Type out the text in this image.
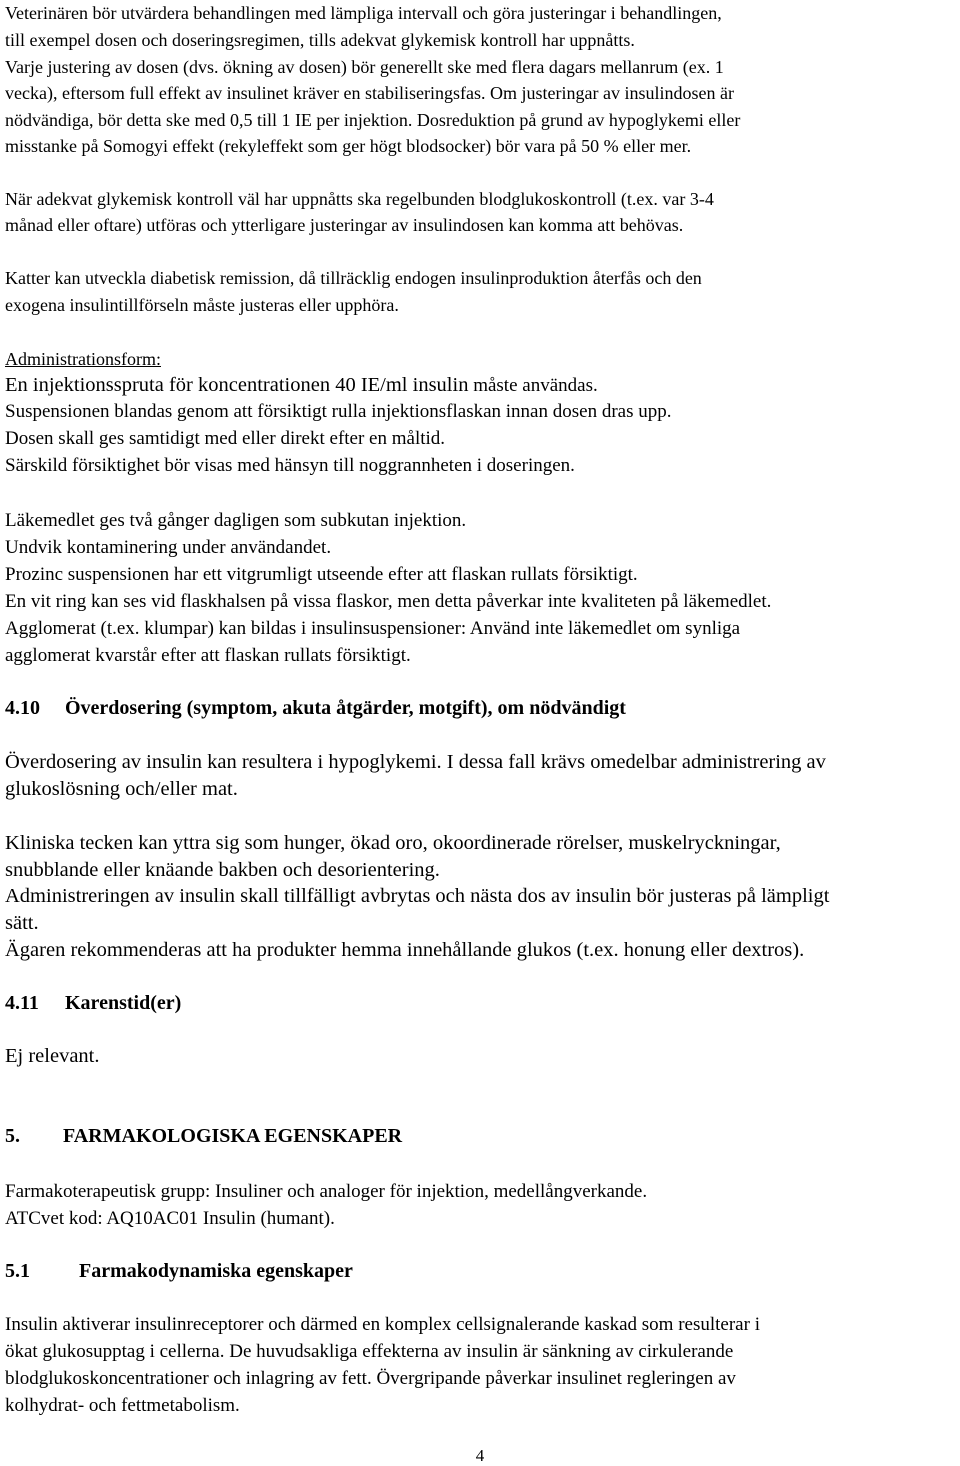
Veterinären bör utvärdera behandlingen med lämpliga intervall och göra justeringar i behandlingen,
till exempel dosen och doseringsregimen, tills adekvat glykemisk kontroll har uppnåtts.
Varje justering av dosen (dvs. ökning av dosen) bör generellt ske med flera dagars mellanrum (ex. 1
vecka), eftersom full effekt av insulinet kräver en stabiliseringsfas. Om justeringar av insulindosen är
nödvändiga, bör detta ske med 0,5 till 1 IE per injektion. Dosreduktion på grund av hypoglykemi eller
misstanke på Somogyi effekt (rekyleffekt som ger högt blodsocker) bör vara på 50 % eller mer.
När adekvat glykemisk kontroll väl har uppnåtts ska regelbunden blodglukoskontroll (t.ex. var 3-4
månad eller oftare) utföras och ytterligare justeringar av insulindosen kan komma att behövas.
Katter kan utveckla diabetisk remission, då tillräcklig endogen insulinproduktion återfås och den
exogena insulintillförseln måste justeras eller upphöra.
Administrationsform:
En injektionsspruta för koncentrationen 40 IE/ml insulin måste användas.
Suspensionen blandas genom att försiktigt rulla injektionsflaskan innan dosen dras upp.
Dosen skall ges samtidigt med eller direkt efter en måltid.
Särskild försiktighet bör visas med hänsyn till noggrannheten i doseringen.
Läkemedlet ges två gånger dagligen som subkutan injektion.
Undvik kontaminering under användandet.
Prozinc suspensionen har ett vitgrumligt utseende efter att flaskan rullats försiktigt.
En vit ring kan ses vid flaskhalsen på vissa flaskor, men detta påverkar inte kvaliteten på läkemedlet.
Agglomerat (t.ex. klumpar) kan bildas i insulinsuspensioner: Använd inte läkemedlet om synliga
agglomerat kvarstår efter att flaskan rullats försiktigt.
4.10 Överdosering (symptom, akuta åtgärder, motgift), om nödvändigt
Överdosering av insulin kan resultera i hypoglykemi. I dessa fall krävs omedelbar administrering av
glukoslösning och/eller mat.
Kliniska tecken kan yttra sig som hunger, ökad oro, okoordinerade rörelser, muskelryckningar,
snubblande eller knäande bakben och desorientering.
Administreringen av insulin skall tillfälligt avbrytas och nästa dos av insulin bör justeras på lämpligt
sätt.
Ägaren rekommenderas att ha produkter hemma innehållande glukos (t.ex. honung eller dextros).
4.11 Karenstid(er)
Ej relevant.
5. FARMAKOLOGISKA EGENSKAPER
Farmakoterapeutisk grupp: Insuliner och analoger för injektion, medellångverkande.
ATCvet kod: AQ10AC01 Insulin (humant).
5.1 Farmakodynamiska egenskaper
Insulin aktiverar insulinreceptorer och därmed en komplex cellsignalerande kaskad som resulterar i
ökat glukosupptag i cellerna. De huvudsakliga effekterna av insulin är sänkning av cirkulerande
blodglukoskoncentrationer och inlagring av fett. Övergripande påverkar insulinet regleringen av
kolhydrat- och fettmetabolism.
4
